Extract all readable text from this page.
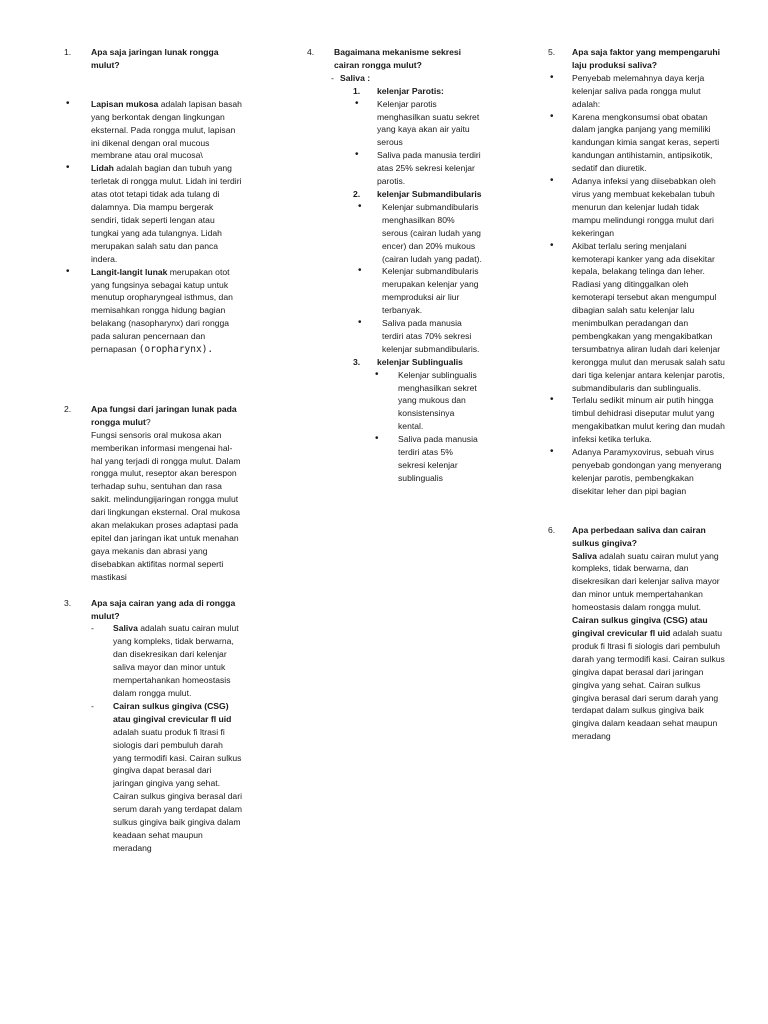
1. Apa saja jaringan lunak rongga mulut?
• Lapisan mukosa adalah lapisan basah yang berkontak dengan lingkungan eksternal. Pada rongga mulut, lapisan ini dikenal dengan oral mucous membrane atau oral mucosa\
• Lidah adalah bagian dan tubuh yang terletak di rongga mulut. Lidah ini terdiri atas otot tetapi tidak ada tulang di dalamnya. Dia mampu bergerak sendiri, tidak seperti lengan atau tungkai yang ada tulangnya. Lidah merupakan salah satu dan panca indera.
• Langit-langit lunak merupakan otot yang fungsinya sebagai katup untuk menutup oropharyngeal isthmus, dan memisahkan rongga hidung bagian belakang (nasopharynx) dari rongga pada saluran pencernaan dan pernapasan (oropharynx).
2. Apa fungsi dari jaringan lunak pada rongga mulut?

Fungsi sensoris oral mukosa akan memberikan informasi mengenai hal-hal yang terjadi di rongga mulut. Dalam rongga mulut, reseptor akan berespon terhadap suhu, sentuhan dan rasa sakit. melindungijaringan rongga mulut dari lingkungan eksternal. Oral mukosa akan melakukan proses adaptasi pada epitel dan jaringan ikat untuk menahan gaya mekanis dan abrasi yang disebabkan aktifitas normal seperti mastikasi

3. Apa saja cairan yang ada di rongga mulut?
- Saliva adalah suatu cairan mulut yang kompleks, tidak berwarna, dan disekresikan dari kelenjar saliva mayor dan minor untuk mempertahankan homeostasis dalam rongga mulut.
- Cairan sulkus gingiva (CSG) atau gingival crevicular fl uid adalah suatu produk fi ltrasi fi siologis dari pembuluh darah yang termodifi kasi. Cairan sulkus gingiva dapat berasal dari jaringan gingiva yang sehat. Cairan sulkus gingiva berasal dari serum darah yang terdapat dalam sulkus gingiva baik gingiva dalam keadaan sehat maupun meradang
4. Bagaimana mekanisme sekresi cairan rongga mulut?
- Saliva :
1. kelenjar Parotis:
• Kelenjar parotis menghasilkan suatu sekret yang kaya akan air yaitu serous
• Saliva pada manusia terdiri atas 25% sekresi kelenjar parotis.
2. kelenjar Submandibularis
• Kelenjar submandibularis menghasilkan 80% serous (cairan ludah yang encer) dan 20% mukous (cairan ludah yang padat).
• Kelenjar submandibularis merupakan kelenjar yang memproduksi air liur terbanyak.
• Saliva pada manusia terdiri atas 70% sekresi kelenjar submandibularis.
3. kelenjar Sublingualis
• Kelenjar sublingualis menghasilkan sekret yang mukous dan konsistensinya kental.
• Saliva pada manusia terdiri atas 5% sekresi kelenjar sublingualis
5. Apa saja faktor yang mempengaruhi laju produksi saliva?
• Penyebab melemahnya daya kerja kelenjar saliva pada rongga mulut adalah:
• Karena mengkonsumsi obat obatan dalam jangka panjang yang memiliki kandungan kimia sangat keras, seperti kandungan antihistamin, antipsikotik, sedatif dan diuretik.
• Adanya infeksi yang diisebabkan oleh virus yang membuat kekebalan tubuh menurun dan kelenjar ludah tidak mampu melindungi rongga mulut dari kekeringan
• Akibat terlalu sering menjalani kemoterapi kanker yang ada disekitar kepala, belakang telinga dan leher. Radiasi yang ditinggalkan oleh kemoterapi tersebut akan mengumpul dibagian salah satu kelenjar lalu menimbulkan peradangan dan pembengkakan yang mengakibatkan tersumbatnya aliran ludah dari kelenjar kerongga mulut dan merusak salah satu dari tiga kelenjar antara kelenjar parotis, submandibularis dan sublingualis.
• Terlalu sedikit minum air putih hingga timbul dehidrasi diseputar mulut yang mengakibatkan mulut kering dan mudah infeksi ketika terluka.
• Adanya Paramyxovirus, sebuah virus penyebab gondongan yang menyerang kelenjar parotis, pembengkakan disekitar leher dan pipi bagian
6. Apa perbedaan saliva dan cairan sulkus gingiva?

Saliva adalah suatu cairan mulut yang kompleks, tidak berwarna, dan disekresikan dari kelenjar saliva mayor dan minor untuk mempertahankan homeostasis dalam rongga mulut.

Cairan sulkus gingiva (CSG) atau gingival crevicular fl uid adalah suatu produk fi ltrasi fi siologis dari pembuluh darah yang termodifi kasi. Cairan sulkus gingiva dapat berasal dari jaringan gingiva yang sehat. Cairan sulkus gingiva berasal dari serum darah yang terdapat dalam sulkus gingiva baik gingiva dalam keadaan sehat maupun meradang
